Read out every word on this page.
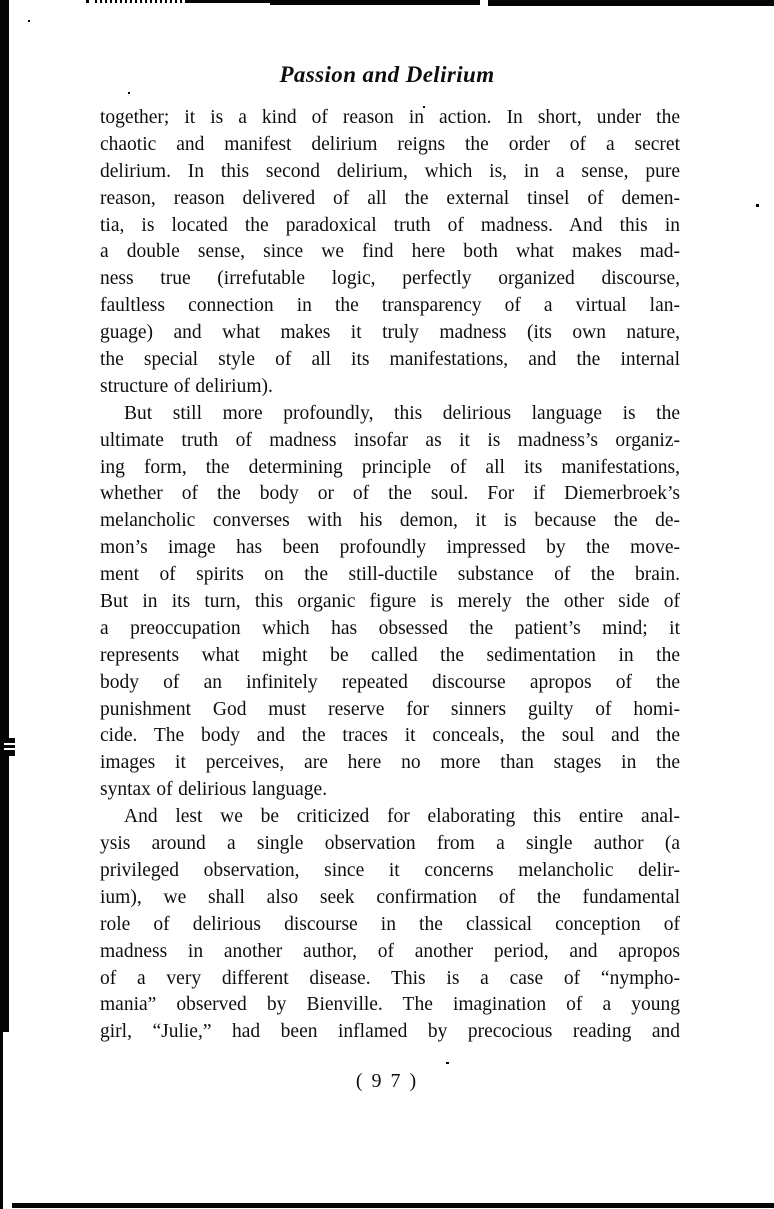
Passion and Delirium
together; it is a kind of reason in action. In short, under the
chaotic and manifest delirium reigns the order of a secret
delirium. In this second delirium, which is, in a sense, pure
reason, reason delivered of all the external tinsel of demen-
tia, is located the paradoxical truth of madness. And this in
a double sense, since we find here both what makes mad-
ness true (irrefutable logic, perfectly organized discourse,
faultless connection in the transparency of a virtual lan-
guage) and what makes it truly madness (its own nature,
the special style of all its manifestations, and the internal
structure of delirium).
But still more profoundly, this delirious language is the
ultimate truth of madness insofar as it is madness’s organiz-
ing form, the determining principle of all its manifestations,
whether of the body or of the soul. For if Diemerbroek’s
melancholic converses with his demon, it is because the de-
mon’s image has been profoundly impressed by the move-
ment of spirits on the still-ductile substance of the brain.
But in its turn, this organic figure is merely the other side of
a preoccupation which has obsessed the patient’s mind; it
represents what might be called the sedimentation in the
body of an infinitely repeated discourse apropos of the
punishment God must reserve for sinners guilty of homi-
cide. The body and the traces it conceals, the soul and the
images it perceives, are here no more than stages in the
syntax of delirious language.
And lest we be criticized for elaborating this entire anal-
ysis around a single observation from a single author (a
privileged observation, since it concerns melancholic delir-
ium), we shall also seek confirmation of the fundamental
role of delirious discourse in the classical conception of
madness in another author, of another period, and apropos
of a very different disease. This is a case of “nympho-
mania” observed by Bienville. The imagination of a young
girl, “Julie,” had been inflamed by precocious reading and
( 9 7 )
